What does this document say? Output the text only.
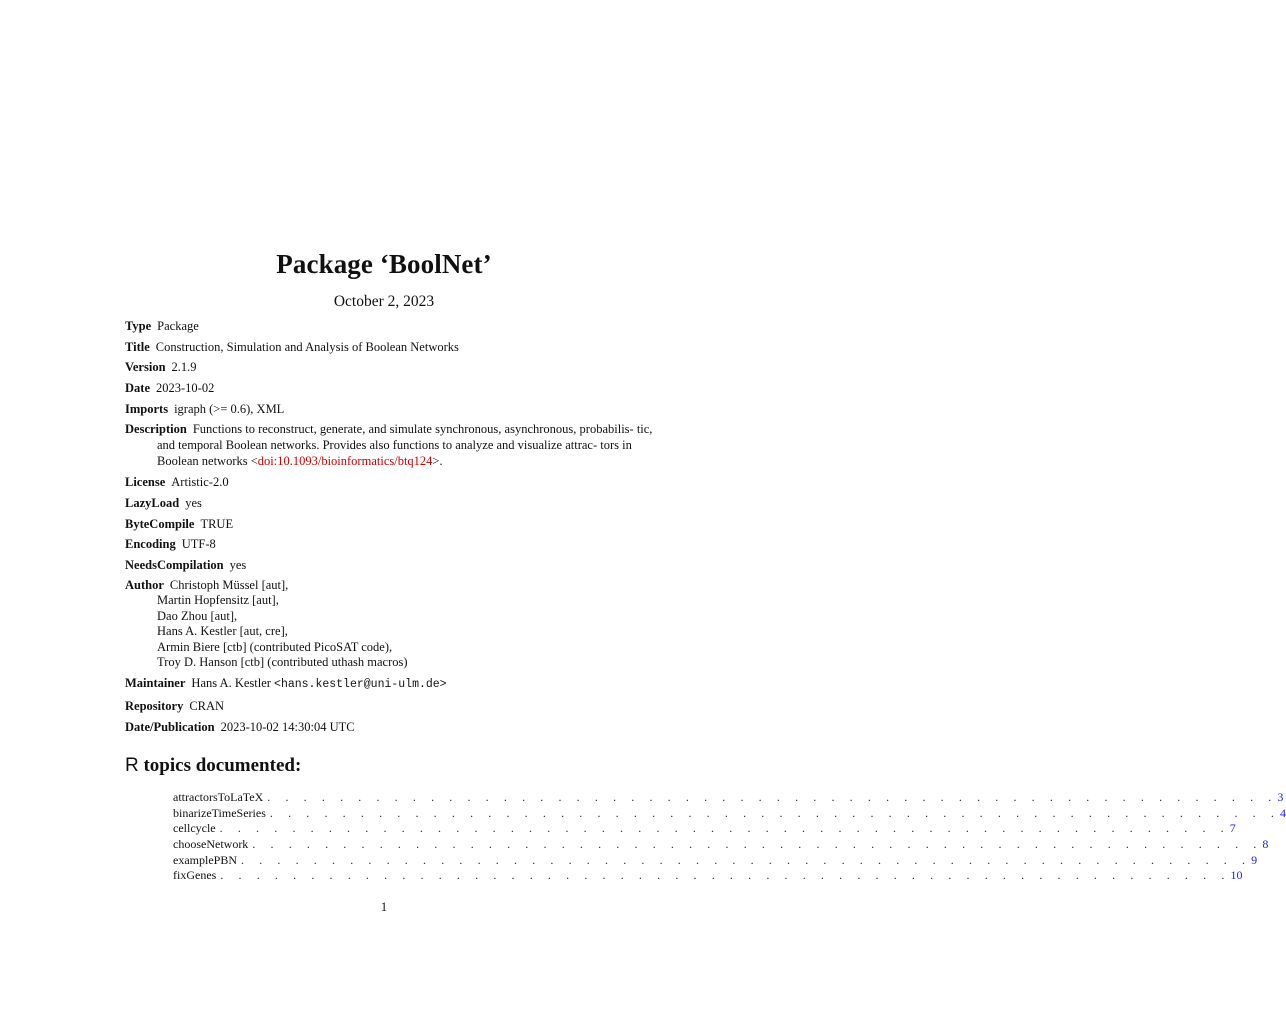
Package ‘BoolNet’
October 2, 2023
Type Package
Title Construction, Simulation and Analysis of Boolean Networks
Version 2.1.9
Date 2023-10-02
Imports igraph (>= 0.6), XML
Description Functions to reconstruct, generate, and simulate synchronous, asynchronous, probabilis- tic, and temporal Boolean networks. Provides also functions to analyze and visualize attrac- tors in Boolean networks <doi:10.1093/bioinformatics/btq124>.
License Artistic-2.0
LazyLoad yes
ByteCompile TRUE
Encoding UTF-8
NeedsCompilation yes
Author Christoph Müssel [aut],
Martin Hopfensitz [aut],
Dao Zhou [aut],
Hans A. Kestler [aut, cre],
Armin Biere [ctb] (contributed PicoSAT code),
Troy D. Hanson [ctb] (contributed uthash macros)
Maintainer Hans A. Kestler <hans.kestler@uni-ulm.de>
Repository CRAN
Date/Publication 2023-10-02 14:30:04 UTC
R topics documented:
attractorsToLaTeX . . . . . . . . . . . . . . . . . . . . . . . . . . . . . . . . . . . . . . . . . . . . . . . . . . . . . . . . 3
binarizeTimeSeries . . . . . . . . . . . . . . . . . . . . . . . . . . . . . . . . . . . . . . . . . . . . . . . . . . . . . . . . 4
cellcycle . . . . . . . . . . . . . . . . . . . . . . . . . . . . . . . . . . . . . . . . . . . . . . . . . . . . . . . . 7
chooseNetwork . . . . . . . . . . . . . . . . . . . . . . . . . . . . . . . . . . . . . . . . . . . . . . . . . . . . . . . . 8
examplePBN . . . . . . . . . . . . . . . . . . . . . . . . . . . . . . . . . . . . . . . . . . . . . . . . . . . . . . . . 9
fixGenes . . . . . . . . . . . . . . . . . . . . . . . . . . . . . . . . . . . . . . . . . . . . . . . . . . . . . . . . 10
1
